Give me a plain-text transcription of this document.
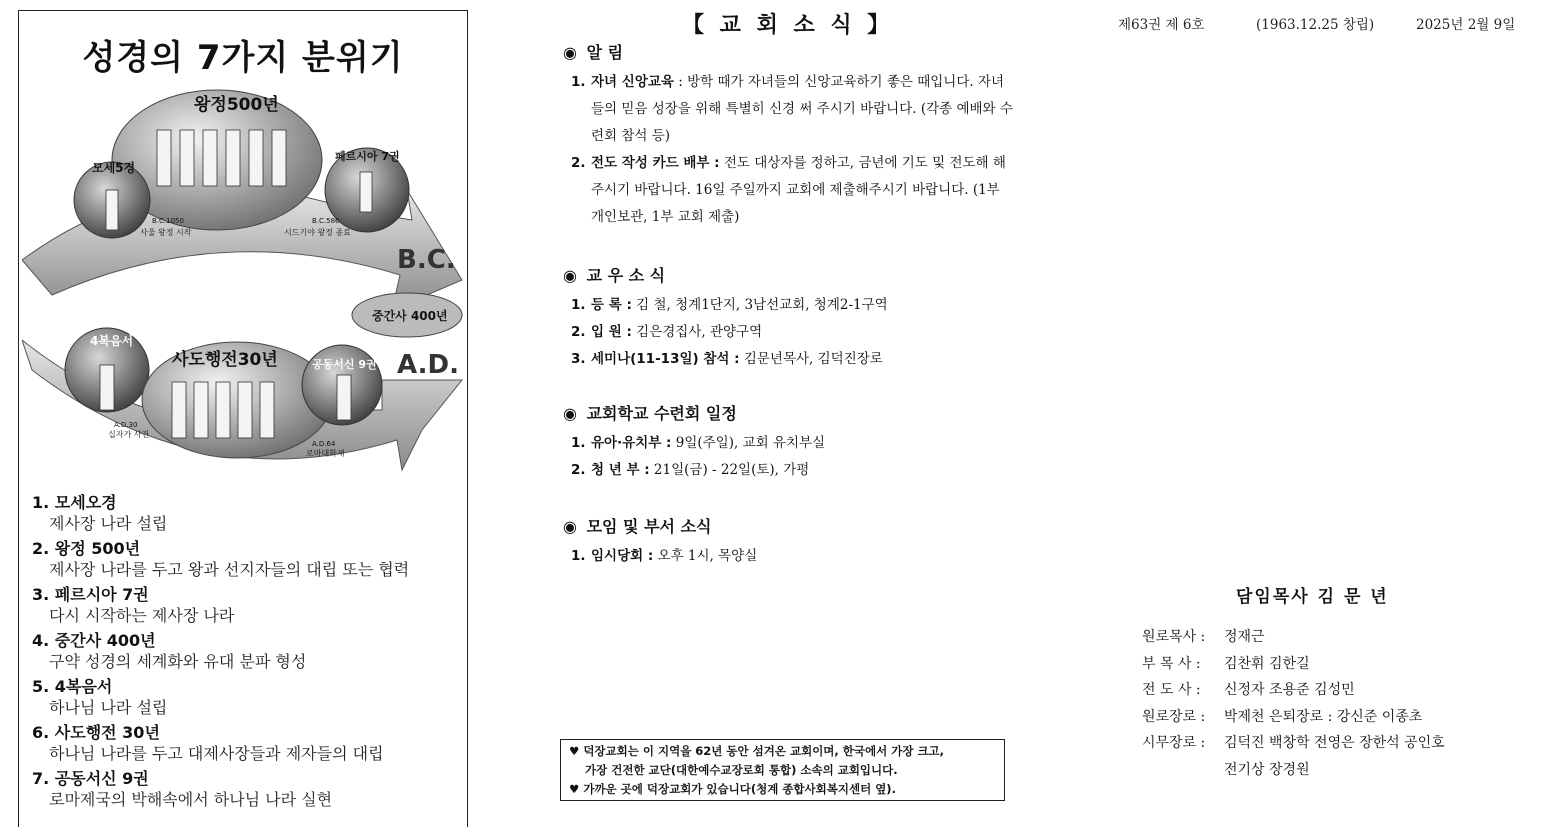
성경의 7가지 분위기
왕정500년
모세5경
페르시아 7권
B.C.
중간사 400년
A.D.
4복음서
사도행전30년	공동서신 9권
B.C.1050
사울 왕정 시작
B.C.586
시드기야 왕정 종료
A.D.30
십자가 사건
A.D.64
로마대화재
1. 모세오경
제사장 나라 설립
2. 왕정 500년
제사장 나라를 두고 왕과 선지자들의 대립 또는 협력
3. 페르시아 7권
다시 시작하는 제사장 나라
4. 중간사 400년
구약 성경의 세계화와 유대 분파 형성
5. 4복음서
하나님 나라 설립
6. 사도행전 30년
하나님 나라를 두고 대제사장들과 제자들의 대립
7. 공동서신 9권
로마제국의 박해속에서 하나님 나라 실현
【 교 회 소 식 】
◉ 알 림
1. 자녀 신앙교육 : 방학 때가 자녀들의 신앙교육하기 좋은 때입니다. 자녀들의 믿음 성장을 위해 특별히 신경 써 주시기 바랍니다. (각종 예배와 수련회 참석 등)
2. 전도 작성 카드 배부 : 전도 대상자를 정하고, 금년에 기도 및 전도해 해주시기 바랍니다. 16일 주일까지 교회에 제출해주시기 바랍니다. (1부 개인보관, 1부 교회 제출)
◉ 교 우 소 식
1. 등 록 : 김 철, 청계1단지, 3남선교회, 청계2-1구역
2. 입 원 : 김은경집사, 관양구역
3. 세미나(11-13일) 참석 : 김문년목사, 김덕진장로
◉ 교회학교 수련회 일정
1. 유아·유치부 : 9일(주일), 교회 유치부실
2. 청 년 부 : 21일(금) - 22일(토), 가평
◉ 모임 및 부서 소식
1. 임시당회 : 오후 1시, 목양실
♥ 덕장교회는 이 지역을 62년 동안 섬겨온 교회이며, 한국에서 가장 크고,
가장 건전한 교단(대한예수교장로회 통합) 소속의 교회입니다.
♥ 가까운 곳에 덕장교회가 있습니다(청계 종합사회복지센터 옆).
제63권 제 6호	(1963.12.25 창립)	2025년 2월 9일
담임목사 김 문 년
원로목사 : 정재근
부 목 사 : 김찬휘 김한길
전 도 사 : 신정자 조용준 김성민
원로장로 : 박제천 은퇴장로 : 강신준 이종초
시무장로 : 김덕진 백창학 전영은 장한석 공인호
전기상 장경원
